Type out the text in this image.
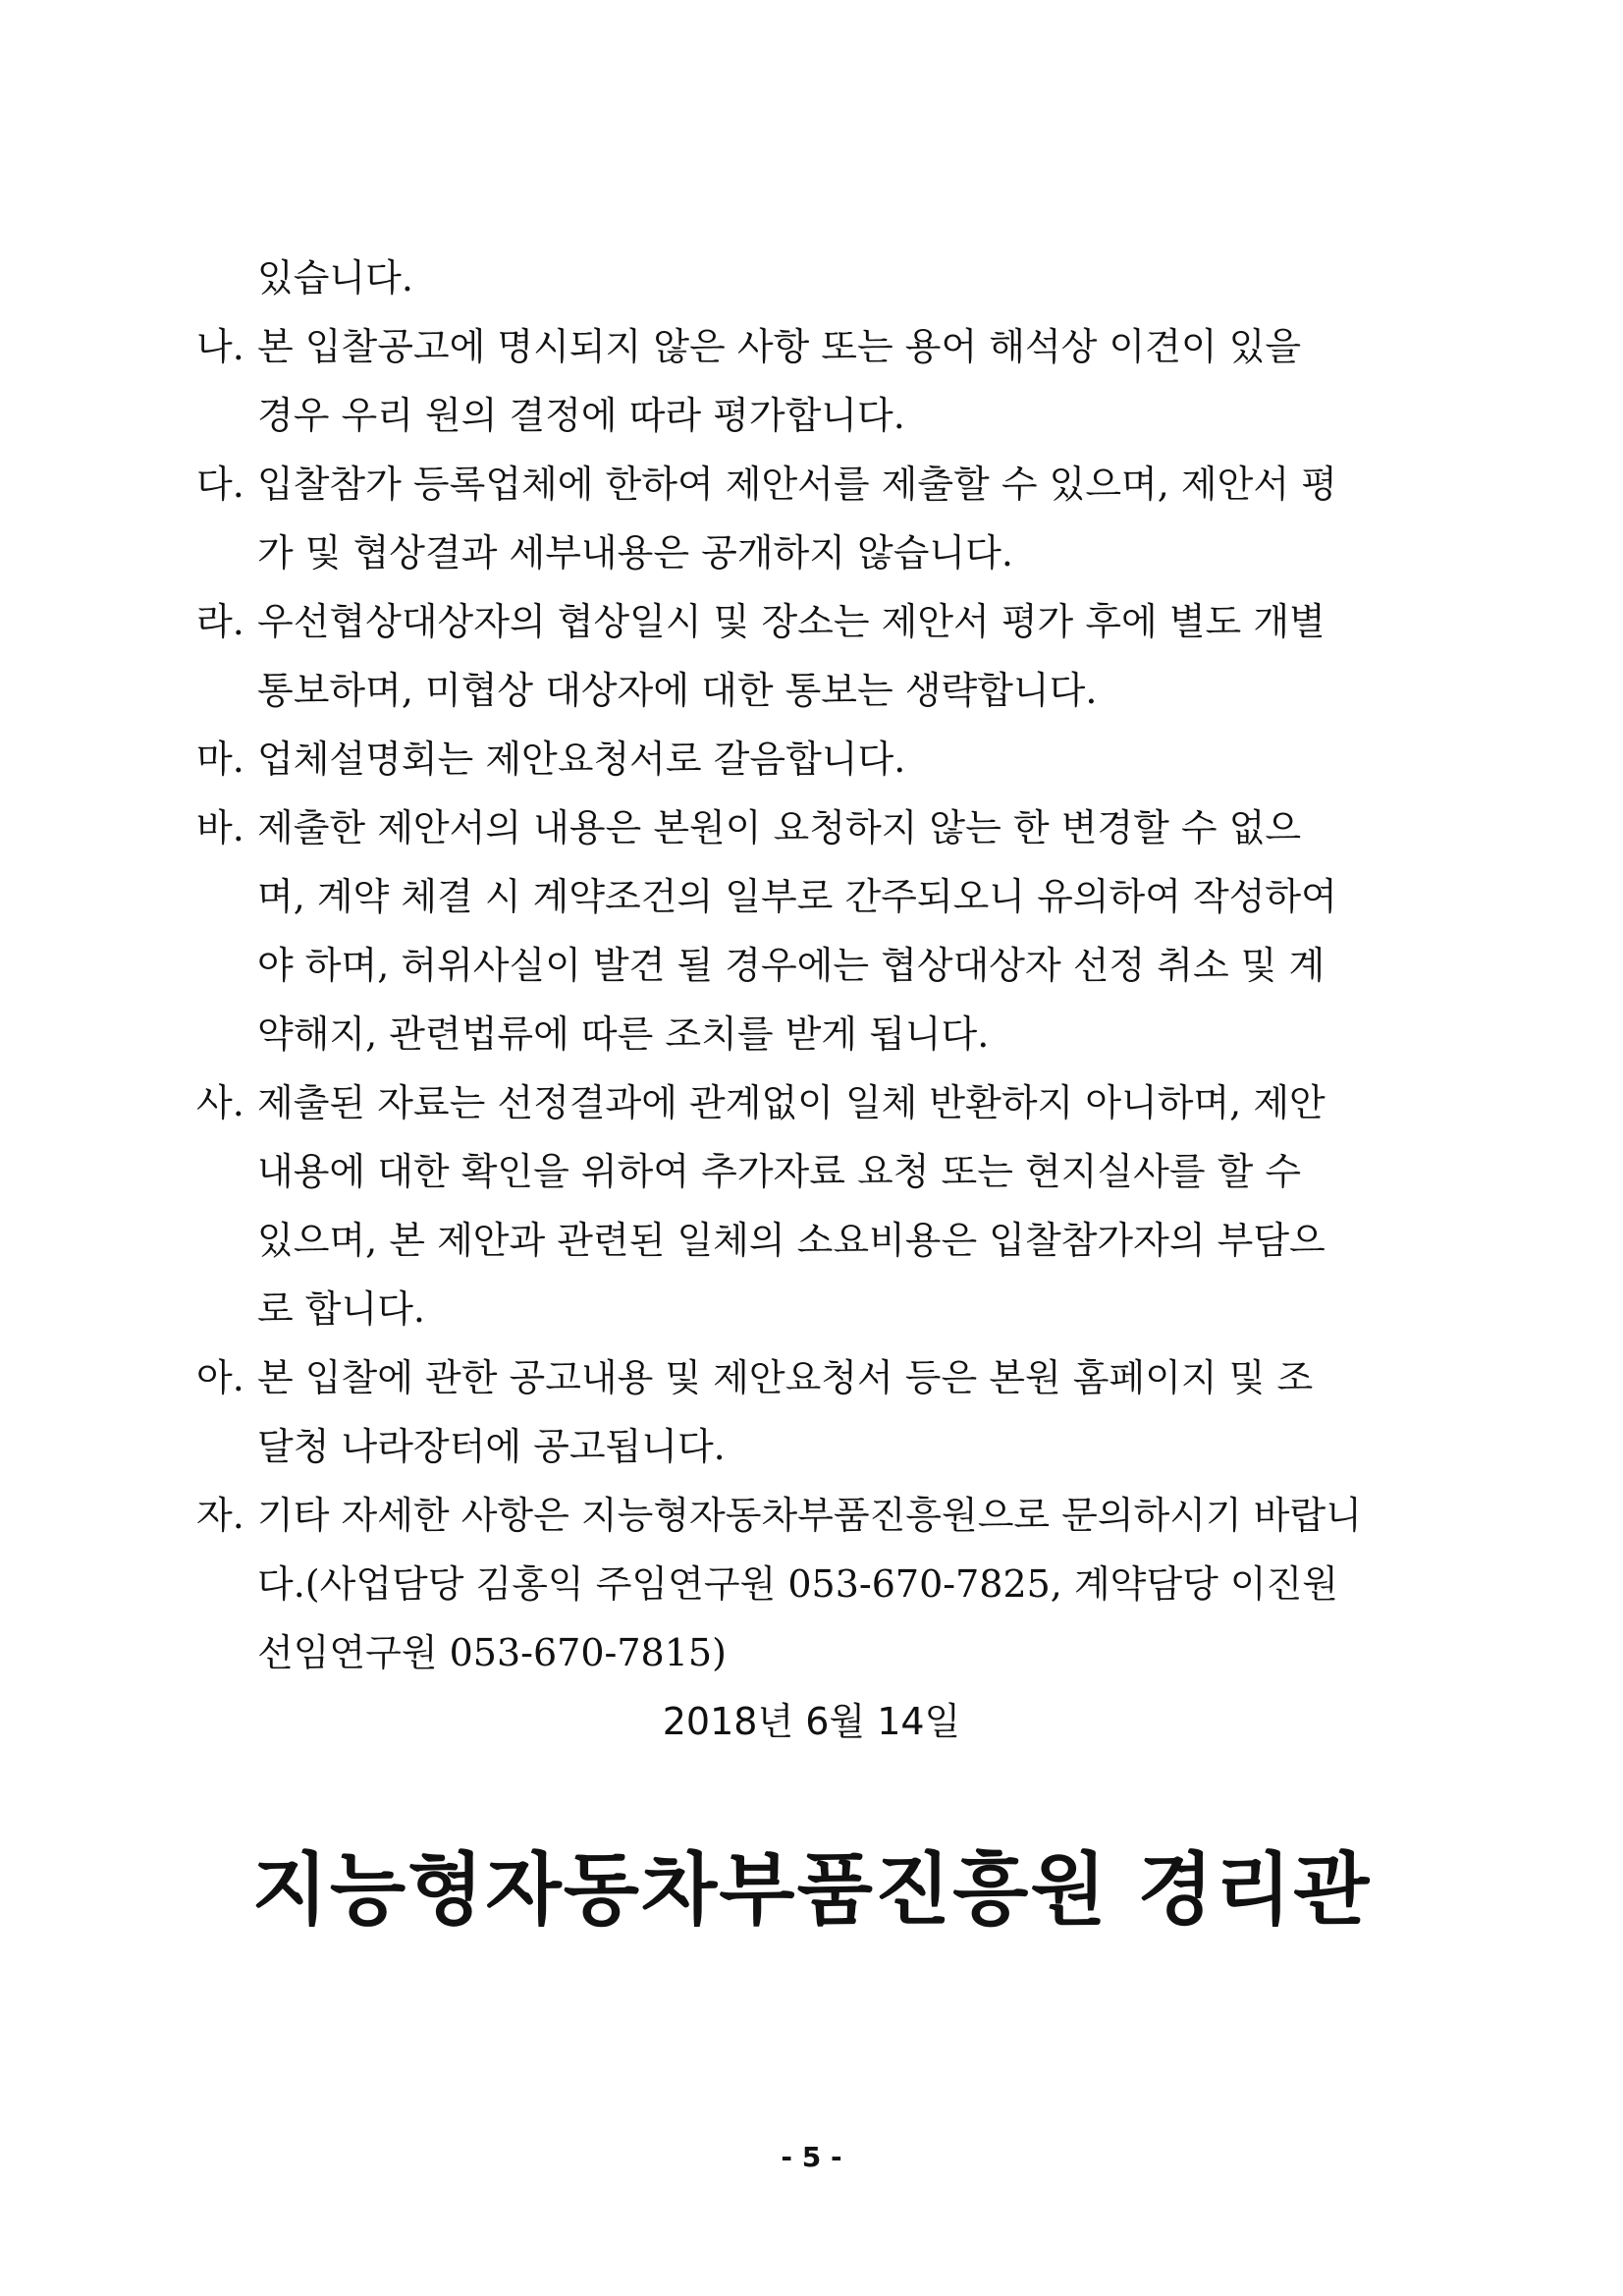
있습니다.
나. 본 입찰공고에 명시되지 않은 사항 또는 용어 해석상 이견이 있을
경우 우리 원의 결정에 따라 평가합니다.
다. 입찰참가 등록업체에 한하여 제안서를 제출할 수 있으며, 제안서 평
가 및 협상결과 세부내용은 공개하지 않습니다.
라. 우선협상대상자의 협상일시 및 장소는 제안서 평가 후에 별도 개별
통보하며, 미협상 대상자에 대한 통보는 생략합니다.
마. 업체설명회는 제안요청서로 갈음합니다.
바. 제출한 제안서의 내용은 본원이 요청하지 않는 한 변경할 수 없으
며, 계약 체결 시 계약조건의 일부로 간주되오니 유의하여 작성하여
야 하며, 허위사실이 발견 될 경우에는 협상대상자 선정 취소 및 계
약해지, 관련법류에 따른 조치를 받게 됩니다.
사. 제출된 자료는 선정결과에 관계없이 일체 반환하지 아니하며, 제안
내용에 대한 확인을 위하여 추가자료 요청 또는 현지실사를 할 수
있으며, 본 제안과 관련된 일체의 소요비용은 입찰참가자의 부담으
로 합니다.
아. 본 입찰에 관한 공고내용 및 제안요청서 등은 본원 홈페이지 및 조
달청 나라장터에 공고됩니다.
자. 기타 자세한 사항은 지능형자동차부품진흥원으로 문의하시기 바랍니
다.(사업담당 김홍익 주임연구원 053-670-7825, 계약담당 이진원
선임연구원 053-670-7815)
2018년 6월 14일
지능형자동차부품진흥원 경리관
- 5 -
